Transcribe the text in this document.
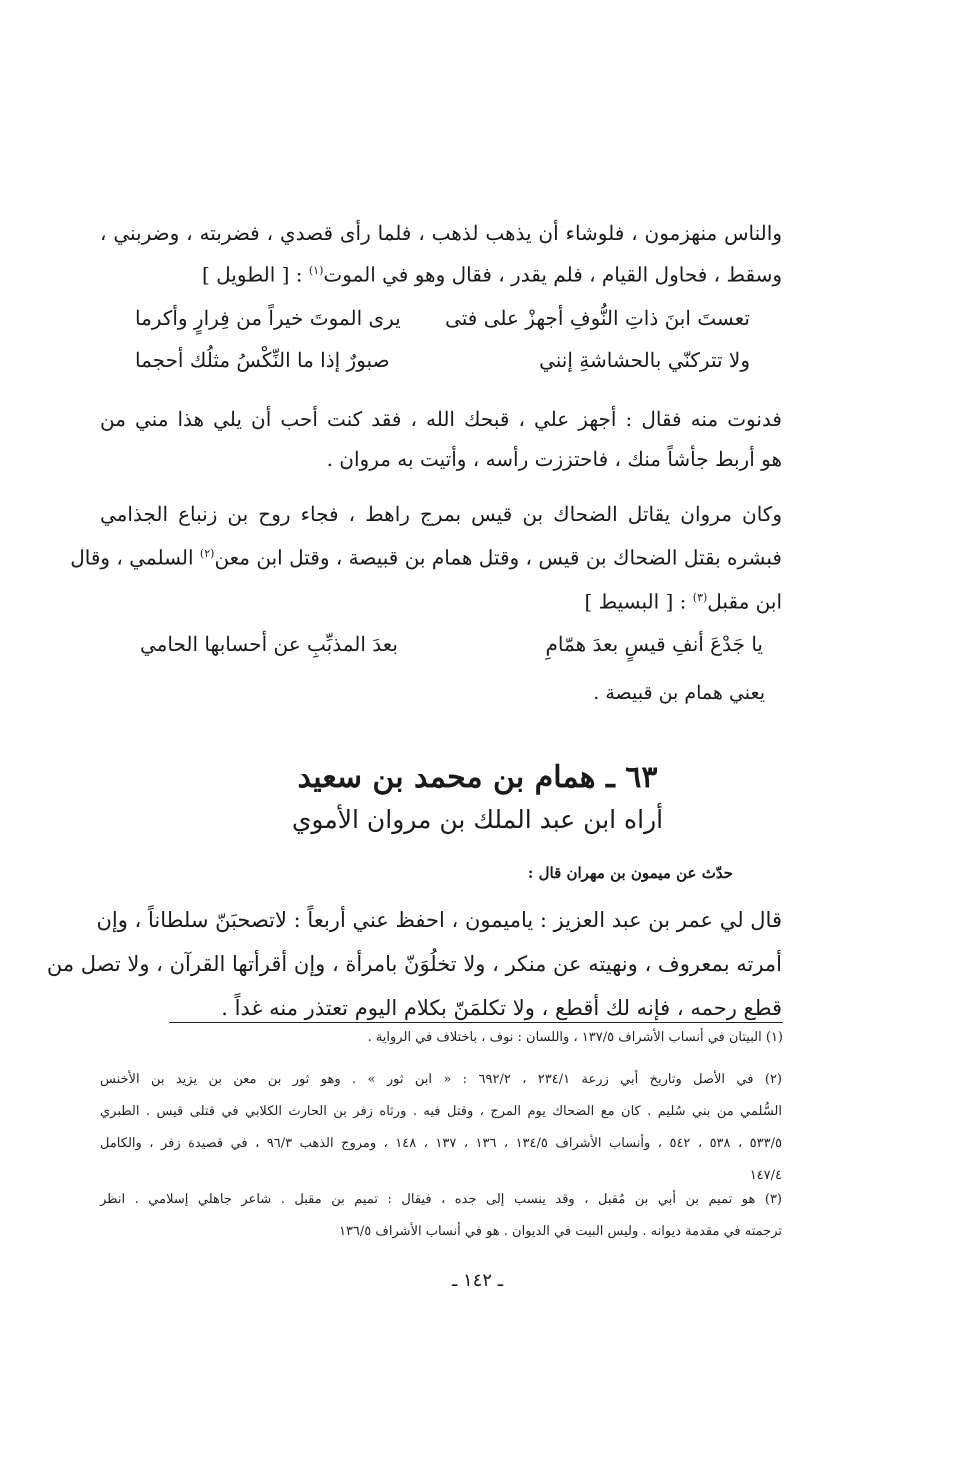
والناس منهزمون ، فلوشاء أن يذهب لذهب ، فلما رأى قصدي ، فضربته ، وضربني ،
وسقط ، فحاول القيام ، فلم يقدر ، فقال وهو في الموت$^{(١)}$ : [ الطويل ]
تعستَ ابنَ ذاتِ النُّوفِ أجهزْ على فتى
يرى الموتَ خيراً من فِرارٍ وأكرما
ولا تتركنّي بالحشاشةِ إنني
صبورٌ إذا ما النِّكْسُ مثلُك أحجما
فدنوت منه فقال : أجهز علي ، قبحك الله ، فقد كنت أحب أن يلي هذا مني من
هو أربط جأشاً منك ، فاحتززت رأسه ، وأتيت به مروان .
وكان مروان يقاتل الضحاك بن قيس بمرج راهط ، فجاء روح بن زنباع الجذامي
فبشره بقتل الضحاك بن قيس ، وقتل همام بن قبيصة ، وقتل ابن معن$^{(٢)}$ السلمي ، وقال
ابن مقبل$^{(٣)}$ : [ البسيط ]
يا جَدْعَ أنفِ قيسٍ بعدَ همّامِ
بعدَ المذبِّبِ عن أحسابها الحامي
يعني همام بن قبيصة .
٦٣ ـ همام بن محمد بن سعيد
أراه ابن عبد الملك بن مروان الأموي
حدّث عن ميمون بن مهران قال :
قال لي عمر بن عبد العزيز : ياميمون ، احفظ عني أربعاً : لاتصحبَنّ سلطاناً ، وإن
أمرته بمعروف ، ونهيته عن منكر ، ولا تخلُوَنّ بامرأة ، وإن أقرأتها القرآن ، ولا تصل من
قطع رحمه ، فإنه لك أقطع ، ولا تكلمَنّ بكلام اليوم تعتذر منه غداً .
(١) البيتان في أنساب الأشراف ١٣٧/٥ ، واللسان : نوف ، باختلاف في الرواية .
(٢) في الأصل وتاريخ أبي زرعة ٢٣٤/١ ، ٦٩٢/٢ : « ابن ثور » . وهو ثور بن معن بن يزيد بن الأخنس
السُّلمي من بني سُليم . كان مع الضحاك يوم المرج ، وقتل فيه . ورثاه زفر بن الحارث الكلابي في قتلى قيس . الطبري
٥٣٣/٥ ، ٥٣٨ ، ٥٤٢ ، وأنساب الأشراف ١٣٤/٥ ، ١٣٦ ، ١٣٧ ، ١٤٨ ، ومروج الذهب ٩٦/٣ ، في قصيدة زفر ، والكامل
١٤٧/٤
(٣) هو تميم بن أبي بن مُقبل ، وقد ينسب إلى جده ، فيقال : تميم بن مقبل . شاعر جاهلي إسلامي . انظر
ترجمته في مقدمة ديوانه . وليس البيت في الديوان . هو في أنساب الأشراف ١٣٦/٥
ـ ١٤٢ ـ
